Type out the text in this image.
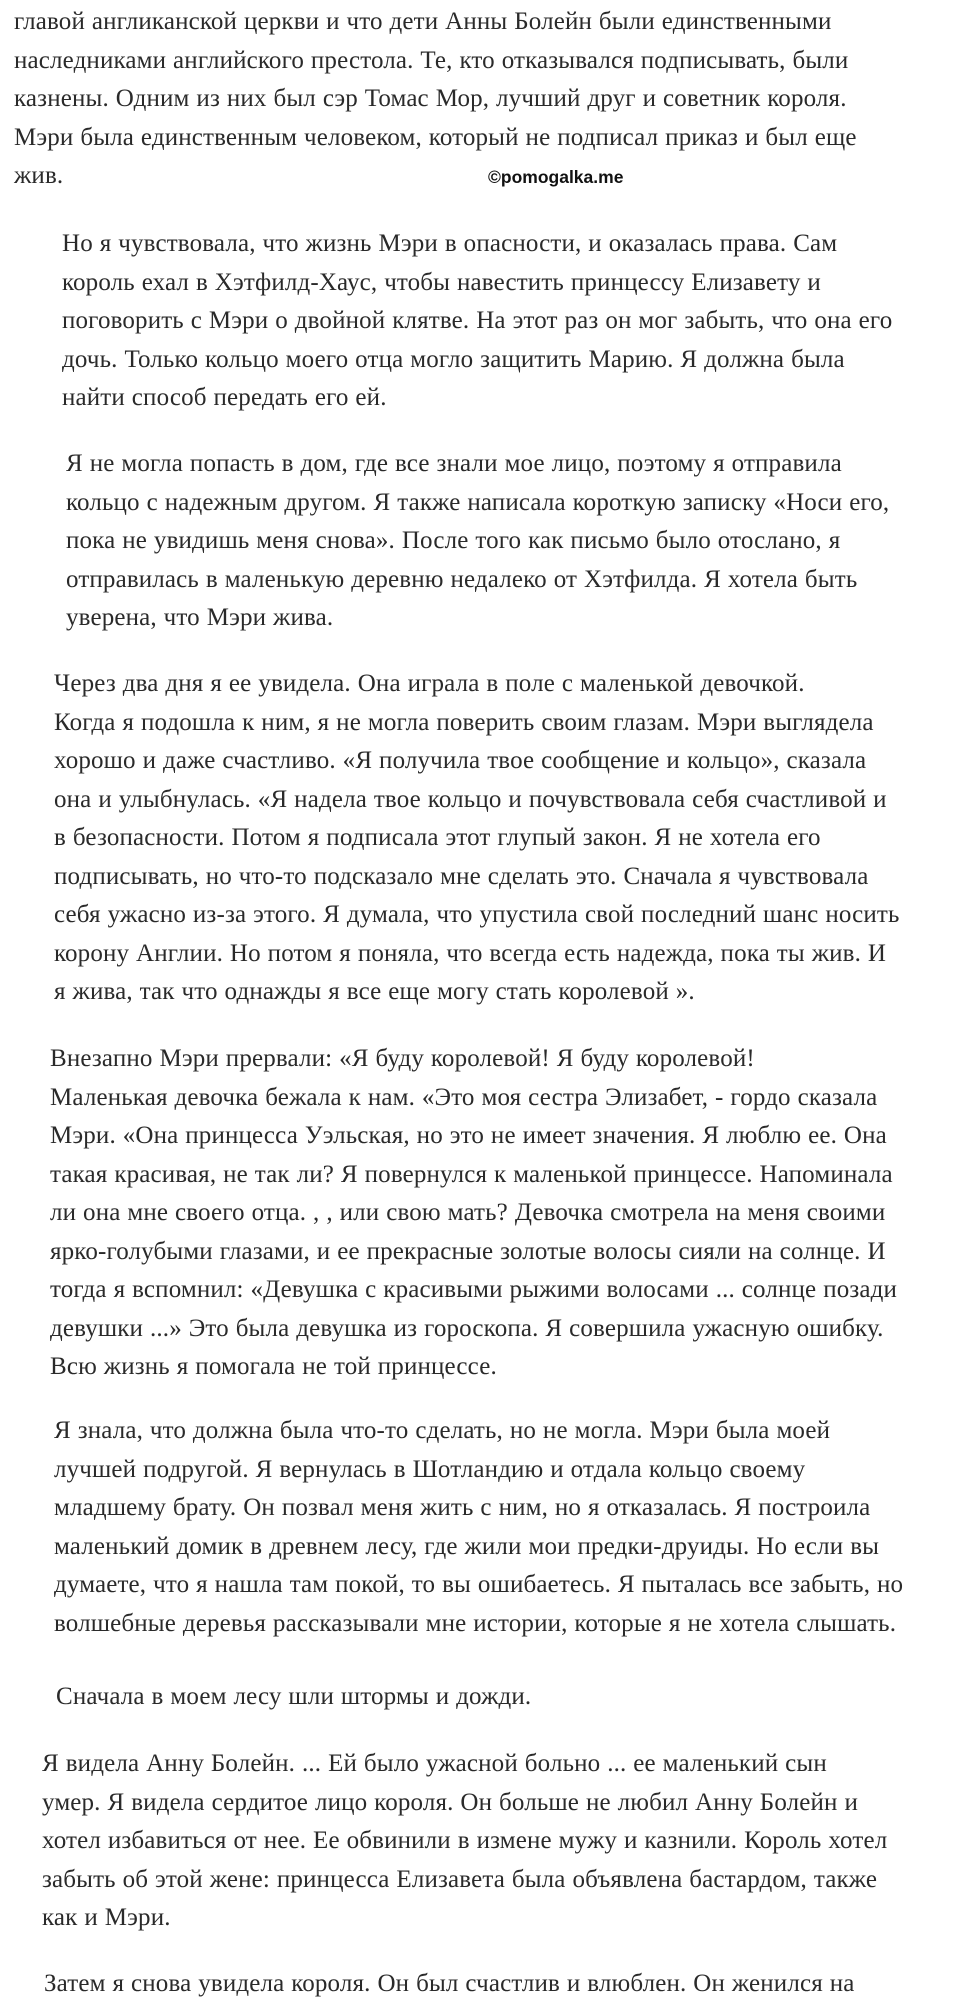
главой англиканской церкви и что дети Анны Болейн были единственными
наследниками английского престола. Те, кто отказывался подписывать, были
казнены. Одним из них был сэр Томас Мор, лучший друг и советник короля.
Мэри была единственным человеком, который не подписал приказ и был еще
жив.	©pomogalka.me

Но я чувствовала, что жизнь Мэри в опасности, и оказалась права. Сам
король ехал в Хэтфилд-Хаус, чтобы навестить принцессу Елизавету и
поговорить с Мэри о двойной клятве. На этот раз он мог забыть, что она его
дочь. Только кольцо моего отца могло защитить Марию. Я должна была
найти способ передать его ей.

Я не могла попасть в дом, где все знали мое лицо, поэтому я отправила
кольцо с надежным другом. Я также написала короткую записку «Носи его,
пока не увидишь меня снова». После того как письмо было отослано, я
отправилась в маленькую деревню недалеко от Хэтфилда. Я хотела быть
уверена, что Мэри жива.

Через два дня я ее увидела. Она играла в поле с маленькой девочкой.
Когда я подошла к ним, я не могла поверить своим глазам. Мэри выглядела
хорошо и даже счастливо. «Я получила твое сообщение и кольцо», сказала
она и улыбнулась. «Я надела твое кольцо и почувствовала себя счастливой и
в безопасности. Потом я подписала этот глупый закон. Я не хотела его
подписывать, но что-то подсказало мне сделать это. Сначала я чувствовала
себя ужасно из-за этого. Я думала, что упустила свой последний шанс носить
корону Англии. Но потом я поняла, что всегда есть надежда, пока ты жив. И
я жива, так что однажды я все еще могу стать королевой ».

Внезапно Мэри прервали: «Я буду королевой! Я буду королевой!
Маленькая девочка бежала к нам. «Это моя сестра Элизабет, - гордо сказала
Мэри. «Она принцесса Уэльская, но это не имеет значения. Я люблю ее. Она
такая красивая, не так ли? Я повернулся к маленькой принцессе. Напоминала
ли она мне своего отца. , , или свою мать? Девочка смотрела на меня своими
ярко-голубыми глазами, и ее прекрасные золотые волосы сияли на солнце. И
тогда я вспомнил: «Девушка с красивыми рыжими волосами ... солнце позади
девушки ...» Это была девушка из гороскопа. Я совершила ужасную ошибку.
Всю жизнь я помогала не той принцессе.

Я знала, что должна была что-то сделать, но не могла. Мэри была моей
лучшей подругой. Я вернулась в Шотландию и отдала кольцо своему
младшему брату. Он позвал меня жить с ним, но я отказалась. Я построила
маленький домик в древнем лесу, где жили мои предки-друиды. Но если вы
думаете, что я нашла там покой, то вы ошибаетесь. Я пыталась все забыть, но
волшебные деревья рассказывали мне истории, которые я не хотела слышать.

Сначала в моем лесу шли штормы и дожди.

Я видела Анну Болейн. ... Ей было ужасной больно ... ее маленький сын
умер. Я видела сердитое лицо короля. Он больше не любил Анну Болейн и
хотел избавиться от нее. Ее обвинили в измене мужу и казнили. Король хотел
забыть об этой жене: принцесса Елизавета была объявлена бастардом, также
как и Мэри.

Затем я снова увидела короля. Он был счастлив и влюблен. Он женился на
